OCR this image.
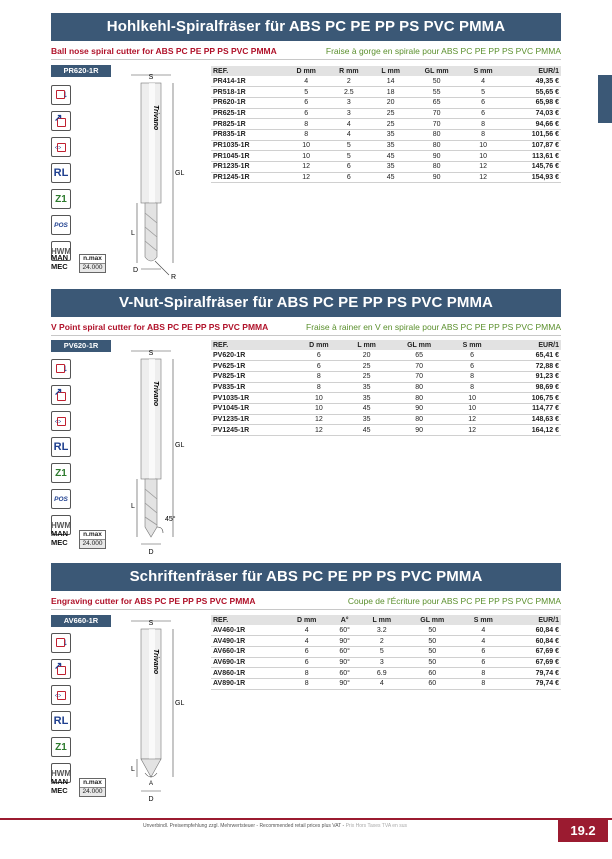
Hohlkehl-Spiralfräser für ABS PC PE PP PS PVC PMMA
Ball nose spiral cutter for ABS PC PE PP PS PVC PMMA	Fraise à gorge en spirale pour ABS PC PE PP PS PVC PMMA
PR620-1R
↓
↗
⇔
RL
Z1
POS
HWM
MAN
MEC
n.max
24.000
S
Trivano
GL
L
D
R
REF.	D mm	R mm	L mm	GL mm	S mm	EUR/1
PR414-1R	4	2	14	50	4	49,35 €
PR518-1R	5	2.5	18	55	5	55,65 €
PR620-1R	6	3	20	65	6	65,98 €
PR625-1R	6	3	25	70	6	74,03 €
PR825-1R	8	4	25	70	8	94,66 €
PR835-1R	8	4	35	80	8	101,56 €
PR1035-1R	10	5	35	80	10	107,87 €
PR1045-1R	10	5	45	90	10	113,61 €
PR1235-1R	12	6	35	80	12	145,76 €
PR1245-1R	12	6	45	90	12	154,93 €
V-Nut-Spiralfräser für ABS PC PE PP PS PVC PMMA
V Point spiral cutter for ABS PC PE PP PS PVC PMMA	Fraise à rainer en V en spirale pour ABS PC PE PP PS PVC PMMA
PV620-1R
↓
↗
⇔
RL
Z1
POS
HWM
MAN
MEC
n.max
24.000
S
Trivano
GL
L
45°
D
REF.	D mm	L mm	GL mm	S mm	EUR/1
PV620-1R	6	20	65	6	65,41 €
PV625-1R	6	25	70	6	72,88 €
PV825-1R	8	25	70	8	91,23 €
PV835-1R	8	35	80	8	98,69 €
PV1035-1R	10	35	80	10	106,75 €
PV1045-1R	10	45	90	10	114,77 €
PV1235-1R	12	35	80	12	148,63 €
PV1245-1R	12	45	90	12	164,12 €
Schriftenfräser für ABS PC PE PP PS PVC PMMA
Engraving cutter for ABS PC PE PP PS PVC PMMA	Coupe de l'Écriture pour ABS PC PE PP PS PVC PMMA
AV660-1R
↓
↗
⇔
RL
Z1
HWM
MAN
MEC
n.max
24.000
S
Trivano
GL
L
A
D
REF.	D mm	A°	L mm	GL mm	S mm	EUR/1
AV460-1R	4	60°	3.2	50	4	60,84 €
AV490-1R	4	90°	2	50	4	60,84 €
AV660-1R	6	60°	5	50	6	67,69 €
AV690-1R	6	90°	3	50	6	67,69 €
AV860-1R	8	60°	6.9	60	8	79,74 €
AV890-1R	8	90°	4	60	8	79,74 €
Unverbindl. Preisempfehlung zzgl. Mehrwertsteuer - Recommended retail prices plus VAT - Prix Hors Taxes TVA en sus	19.2
